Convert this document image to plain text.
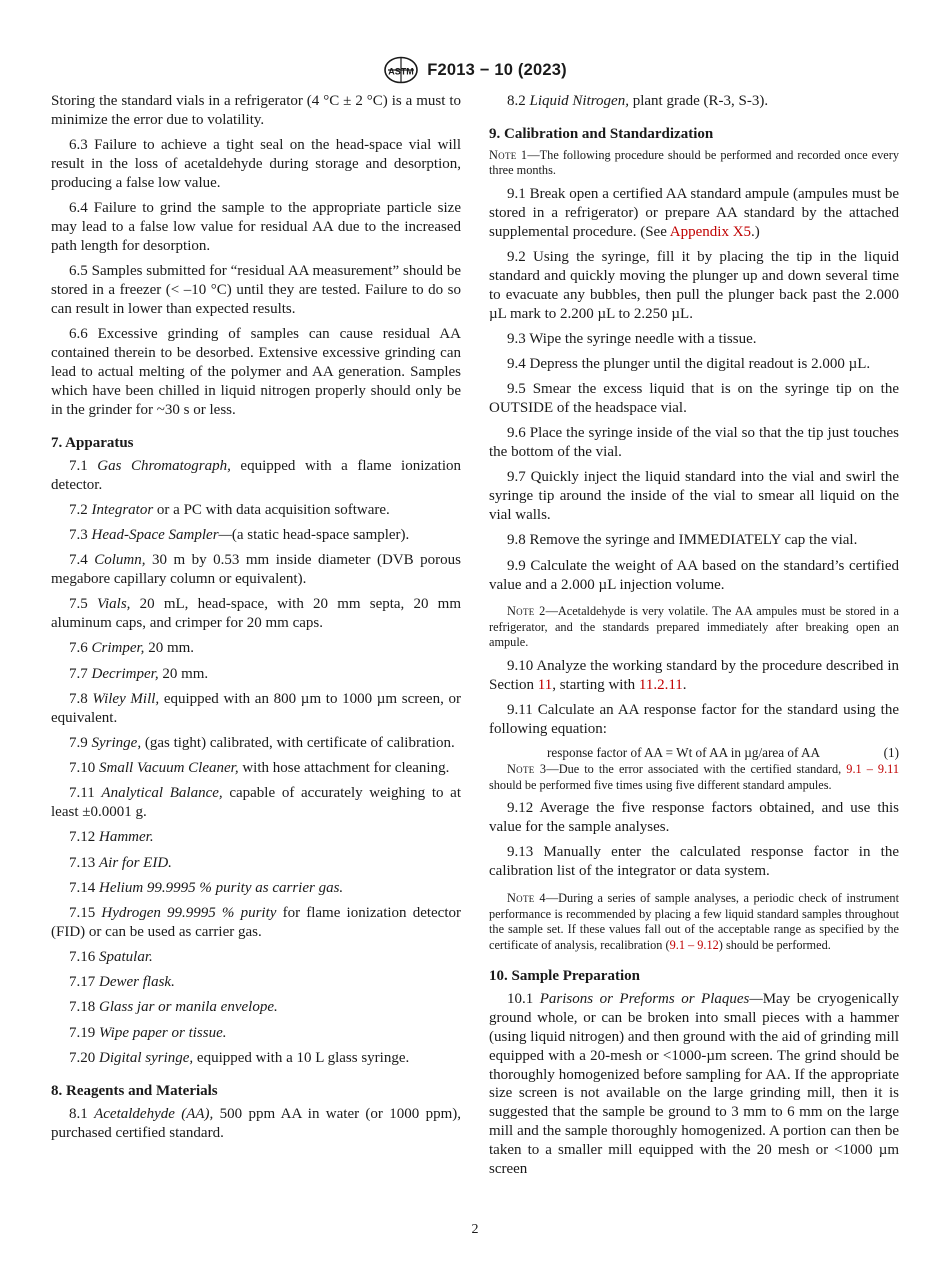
ASTM F2013 − 10 (2023)

Storing the standard vials in a refrigerator (4 °C ± 2 °C) is a must to minimize the error due to volatility.

6.3 Failure to achieve a tight seal on the head-space vial will result in the loss of acetaldehyde during storage and desorption, producing a false low value.

6.4 Failure to grind the sample to the appropriate particle size may lead to a false low value for residual AA due to the increased path length for desorption.

6.5 Samples submitted for “residual AA measurement” should be stored in a freezer (< –10 °C) until they are tested. Failure to do so can result in lower than expected results.

6.6 Excessive grinding of samples can cause residual AA contained therein to be desorbed. Extensive excessive grinding can lead to actual melting of the polymer and AA generation. Samples which have been chilled in liquid nitrogen properly should only be in the grinder for ~30 s or less.

7. Apparatus

7.1 Gas Chromatograph, equipped with a flame ionization detector.

7.2 Integrator or a PC with data acquisition software.

7.3 Head-Space Sampler—(a static head-space sampler).

7.4 Column, 30 m by 0.53 mm inside diameter (DVB porous megabore capillary column or equivalent).

7.5 Vials, 20 mL, head-space, with 20 mm septa, 20 mm aluminum caps, and crimper for 20 mm caps.

7.6 Crimper, 20 mm.

7.7 Decrimper, 20 mm.

7.8 Wiley Mill, equipped with an 800 µm to 1000 µm screen, or equivalent.

7.9 Syringe, (gas tight) calibrated, with certificate of calibration.

7.10 Small Vacuum Cleaner, with hose attachment for cleaning.

7.11 Analytical Balance, capable of accurately weighing to at least ±0.0001 g.

7.12 Hammer.

7.13 Air for EID.

7.14 Helium 99.9995 % purity as carrier gas.

7.15 Hydrogen 99.9995 % purity for flame ionization detector (FID) or can be used as carrier gas.

7.16 Spatular.

7.17 Dewer flask.

7.18 Glass jar or manila envelope.

7.19 Wipe paper or tissue.

7.20 Digital syringe, equipped with a 10 L glass syringe.

8. Reagents and Materials

8.1 Acetaldehyde (AA), 500 ppm AA in water (or 1000 ppm), purchased certified standard.

8.2 Liquid Nitrogen, plant grade (R-3, S-3).

9. Calibration and Standardization

Note 1—The following procedure should be performed and recorded once every three months.

9.1 Break open a certified AA standard ampule (ampules must be stored in a refrigerator) or prepare AA standard by the attached supplemental procedure. (See Appendix X5.)

9.2 Using the syringe, fill it by placing the tip in the liquid standard and quickly moving the plunger up and down several time to evacuate any bubbles, then pull the plunger back past the 2.000 µL mark to 2.200 µL to 2.250 µL.

9.3 Wipe the syringe needle with a tissue.

9.4 Depress the plunger until the digital readout is 2.000 µL.

9.5 Smear the excess liquid that is on the syringe tip on the OUTSIDE of the headspace vial.

9.6 Place the syringe inside of the vial so that the tip just touches the bottom of the vial.

9.7 Quickly inject the liquid standard into the vial and swirl the syringe tip around the inside of the vial to smear all liquid on the vial walls.

9.8 Remove the syringe and IMMEDIATELY cap the vial.

9.9 Calculate the weight of AA based on the standard’s certified value and a 2.000 µL injection volume.

Note 2—Acetaldehyde is very volatile. The AA ampules must be stored in a refrigerator, and the standards prepared immediately after breaking open an ampule.

9.10 Analyze the working standard by the procedure described in Section 11, starting with 11.2.11.

9.11 Calculate an AA response factor for the standard using the following equation:

response factor of AA = Wt of AA in µg/area of AA	(1)

Note 3—Due to the error associated with the certified standard, 9.1 – 9.11 should be performed five times using five different standard ampules.

9.12 Average the five response factors obtained, and use this value for the sample analyses.

9.13 Manually enter the calculated response factor in the calibration list of the integrator or data system.

Note 4—During a series of sample analyses, a periodic check of instrument performance is recommended by placing a few liquid standard samples throughout the sample set. If these values fall out of the acceptable range as specified by the certificate of analysis, recalibration (9.1 – 9.12) should be performed.

10. Sample Preparation

10.1 Parisons or Preforms or Plaques—May be cryogenically ground whole, or can be broken into small pieces with a hammer (using liquid nitrogen) and then ground with the aid of grinding mill equipped with a 20-mesh or <1000-µm screen. The grind should be thoroughly homogenized before sampling for AA. If the appropriate size screen is not available on the large grinding mill, then it is suggested that the sample be ground to 3 mm to 6 mm on the large mill and the sample thoroughly homogenized. A portion can then be taken to a smaller mill equipped with the 20 mesh or <1000 µm screen

2
